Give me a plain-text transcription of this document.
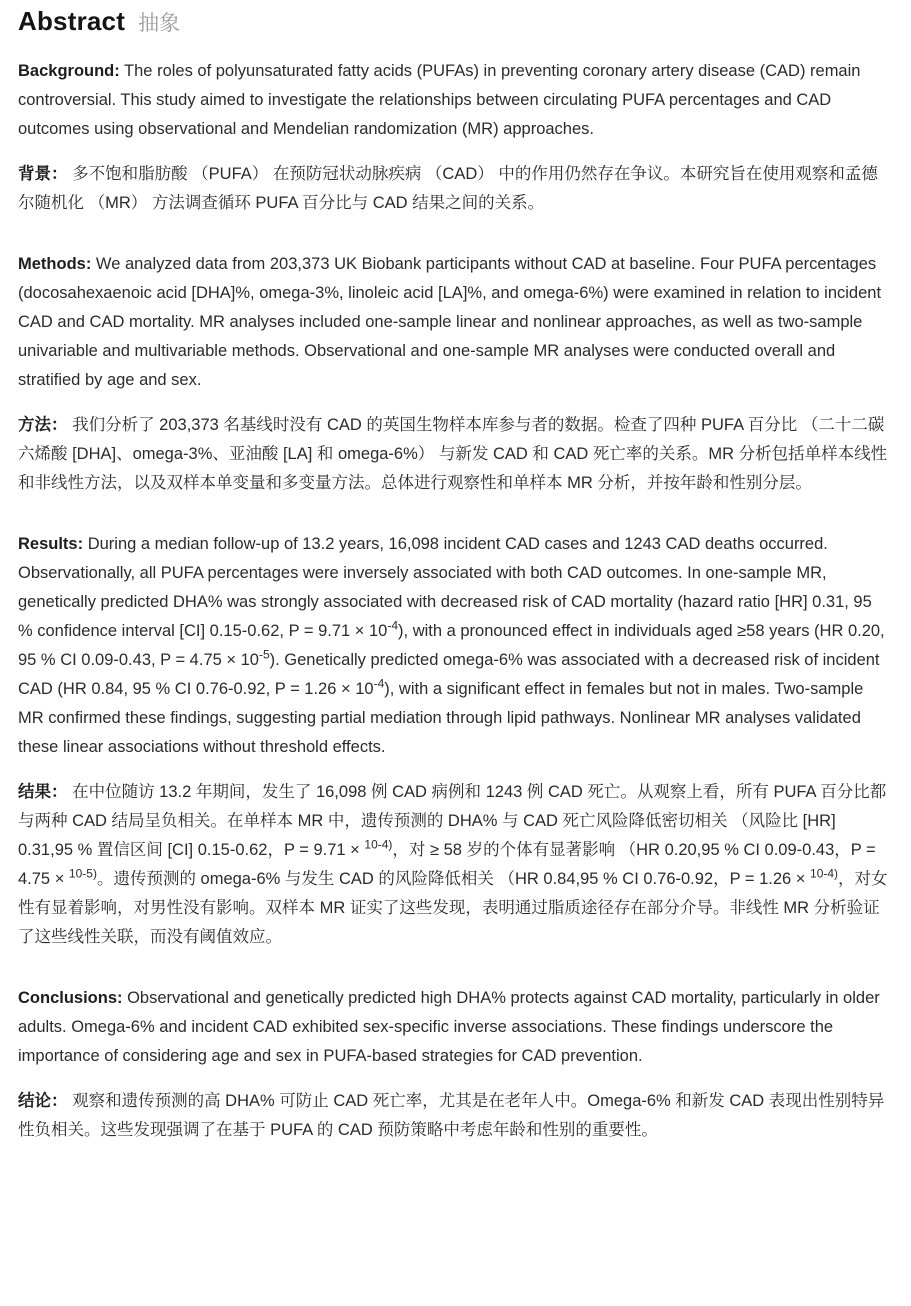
Abstract 抽象

Background: The roles of polyunsaturated fatty acids (PUFAs) in preventing coronary artery disease (CAD) remain controversial. This study aimed to investigate the relationships between circulating PUFA percentages and CAD outcomes using observational and Mendelian randomization (MR) approaches.

背景： 多不饱和脂肪酸 （PUFA） 在预防冠状动脉疾病 （CAD） 中的作用仍然存在争议。本研究旨在使用观察和孟德尔随机化 （MR） 方法调查循环 PUFA 百分比与 CAD 结果之间的关系。

Methods: We analyzed data from 203,373 UK Biobank participants without CAD at baseline. Four PUFA percentages (docosahexaenoic acid [DHA]%, omega-3%, linoleic acid [LA]%, and omega-6%) were examined in relation to incident CAD and CAD mortality. MR analyses included one-sample linear and nonlinear approaches, as well as two-sample univariable and multivariable methods. Observational and one-sample MR analyses were conducted overall and stratified by age and sex.

方法： 我们分析了 203,373 名基线时没有 CAD 的英国生物样本库参与者的数据。检查了四种 PUFA 百分比 （二十二碳六烯酸 [DHA]、omega-3%、亚油酸 [LA] 和 omega-6%） 与新发 CAD 和 CAD 死亡率的关系。MR 分析包括单样本线性和非线性方法，以及双样本单变量和多变量方法。总体进行观察性和单样本 MR 分析，并按年龄和性别分层。

Results: During a median follow-up of 13.2 years, 16,098 incident CAD cases and 1243 CAD deaths occurred. Observationally, all PUFA percentages were inversely associated with both CAD outcomes. In one-sample MR, genetically predicted DHA% was strongly associated with decreased risk of CAD mortality (hazard ratio [HR] 0.31, 95 % confidence interval [CI] 0.15-0.62, $P = 9.71 \times 10^{-4}$), with a pronounced effect in individuals aged ≥58 years (HR 0.20, 95 % CI 0.09-0.43, $P = 4.75 \times 10^{-5}$). Genetically predicted omega-6% was associated with a decreased risk of incident CAD (HR 0.84, 95 % CI 0.76-0.92, $P = 1.26 \times 10^{-4}$), with a significant effect in females but not in males. Two-sample MR confirmed these findings, suggesting partial mediation through lipid pathways. Nonlinear MR analyses validated these linear associations without threshold effects.

结果： 在中位随访 13.2 年期间，发生了 16,098 例 CAD 病例和 1243 例 CAD 死亡。从观察上看，所有 PUFA 百分比都与两种 CAD 结局呈负相关。在单样本 MR 中，遗传预测的 DHA% 与 CAD 死亡风险降低密切相关 （风险比 [HR] 0.31,95 % 置信区间 [CI] 0.15-0.62，P = 9.71 × $^{10-4)}$，对 ≥ 58 岁的个体有显著影响 （HR 0.20,95 % CI 0.09-0.43，P = 4.75 × $^{10-5)}$。遗传预测的 omega-6% 与发生 CAD 的风险降低相关 （HR 0.84,95 % CI 0.76-0.92，P = 1.26 × $^{10-4)}$，对女性有显着影响，对男性没有影响。双样本 MR 证实了这些发现，表明通过脂质途径存在部分介导。非线性 MR 分析验证了这些线性关联，而没有阈值效应。

Conclusions: Observational and genetically predicted high DHA% protects against CAD mortality, particularly in older adults. Omega-6% and incident CAD exhibited sex-specific inverse associations. These findings underscore the importance of considering age and sex in PUFA-based strategies for CAD prevention.

结论： 观察和遗传预测的高 DHA% 可防止 CAD 死亡率，尤其是在老年人中。Omega-6% 和新发 CAD 表现出性别特异性负相关。这些发现强调了在基于 PUFA 的 CAD 预防策略中考虑年龄和性别的重要性。
